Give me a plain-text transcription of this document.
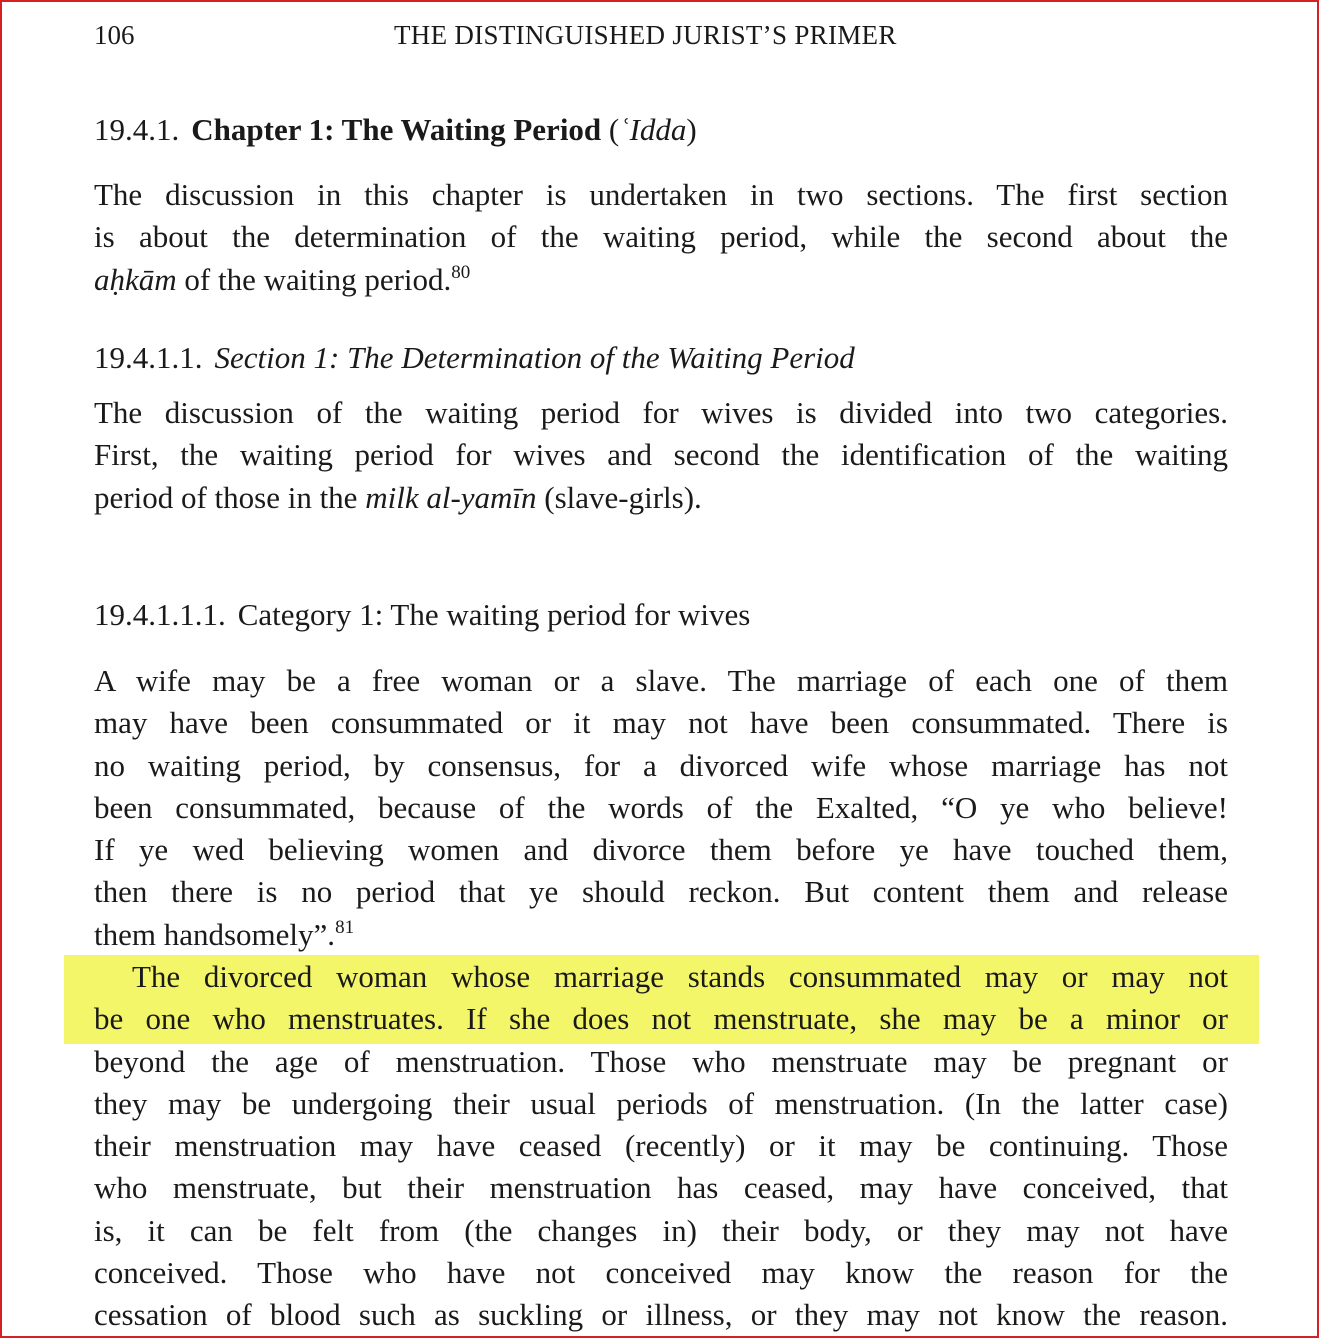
106	THE DISTINGUISHED JURIST’S PRIMER
19.4.1. Chapter 1: The Waiting Period (ʿIdda)

The discussion in this chapter is undertaken in two sections. The first section
is about the determination of the waiting period, while the second about the
aḥkām of the waiting period.$^{80}$

19.4.1.1. Section 1: The Determination of the Waiting Period

The discussion of the waiting period for wives is divided into two categories.
First, the waiting period for wives and second the identification of the waiting
period of those in the milk al-yamīn (slave-girls).

19.4.1.1.1. Category 1: The waiting period for wives

A wife may be a free woman or a slave. The marriage of each one of them
may have been consummated or it may not have been consummated. There is
no waiting period, by consensus, for a divorced wife whose marriage has not
been consummated, because of the words of the Exalted, “O ye who believe!
If ye wed believing women and divorce them before ye have touched them,
then there is no period that ye should reckon. But content them and release
them handsomely”.$^{81}$

The divorced woman whose marriage stands consummated may or may not
be one who menstruates. If she does not menstruate, she may be a minor or
beyond the age of menstruation. Those who menstruate may be pregnant or
they may be undergoing their usual periods of menstruation. (In the latter case)
their menstruation may have ceased (recently) or it may be continuing. Those
who menstruate, but their menstruation has ceased, may have conceived, that
is, it can be felt from (the changes in) their body, or they may not have
conceived. Those who have not conceived may know the reason for the
cessation of blood such as suckling or illness, or they may not know the reason.
